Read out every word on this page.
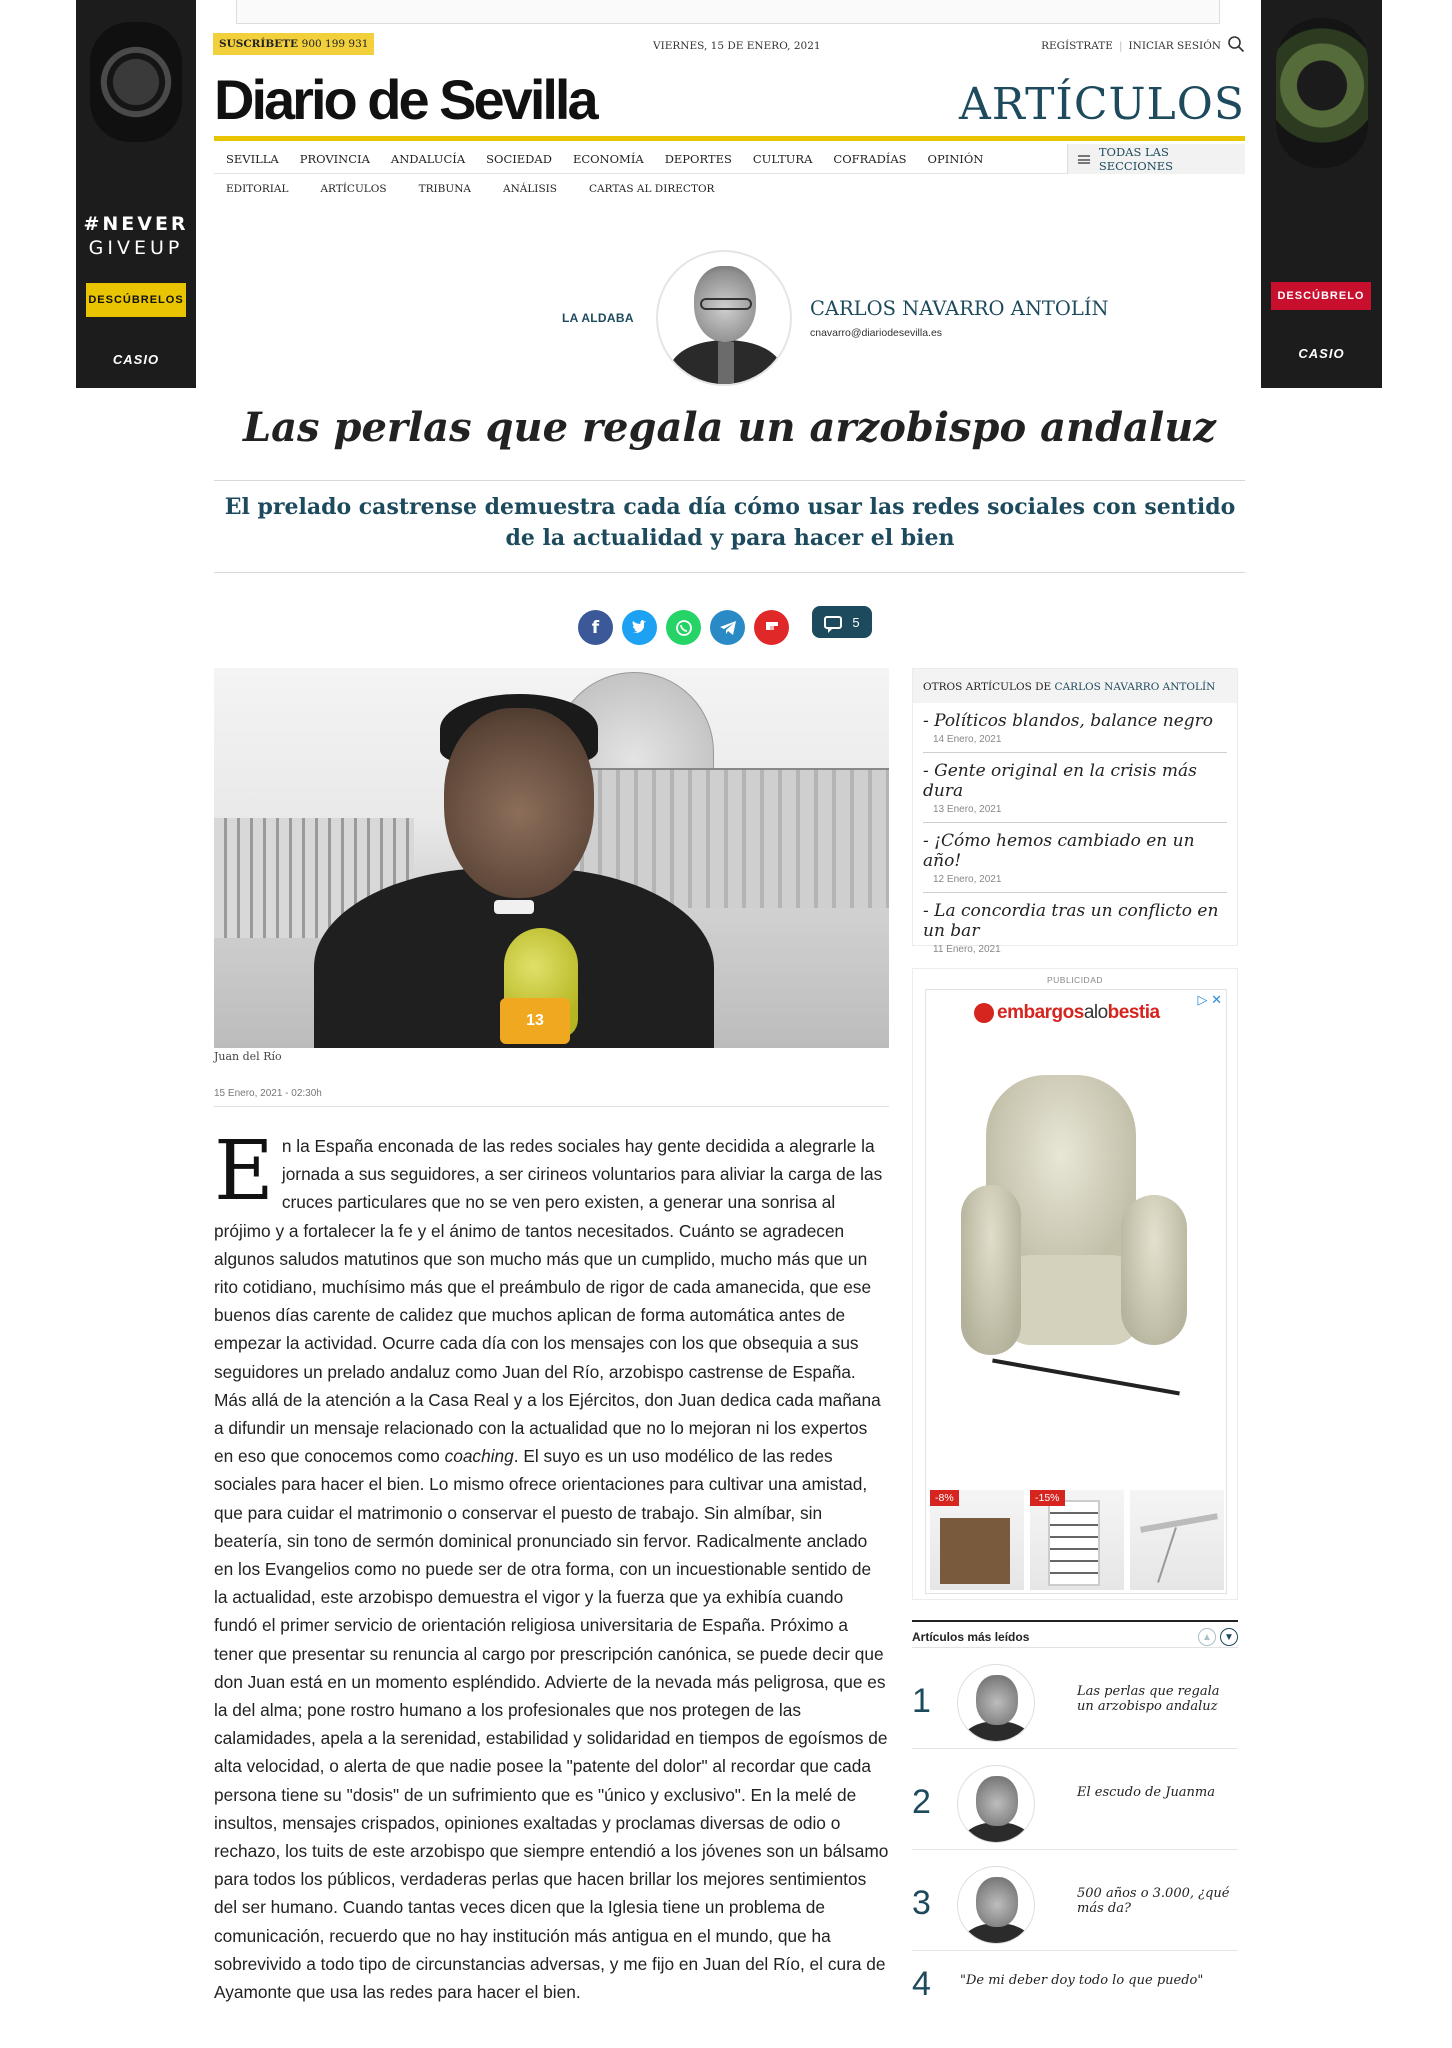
#NEVER
GIVEUP
DESCÚBRELOS
CASIO
DESCÚBRELO
CASIO
SUSCRÍBETE 900 199 931	VIERNES, 15 DE ENERO, 2021	REGÍSTRATE | INICIAR SESIÓN
Diario de Sevilla	ARTÍCULOS
SEVILLA PROVINCIA ANDALUCÍA SOCIEDAD ECONOMÍA DEPORTES CULTURA COFRADÍAS OPINIÓN	TODAS LAS SECCIONES
EDITORIAL	ARTÍCULOS	TRIBUNA	ANÁLISIS	CARTAS AL DIRECTOR
LA ALDABA	CARLOS NAVARRO ANTOLÍN
cnavarro@diariodesevilla.es
Las perlas que regala un arzobispo andaluz
El prelado castrense demuestra cada día cómo usar las redes sociales con sentido de la actualidad y para hacer el bien
f	5
13
Juan del Río
15 Enero, 2021 - 02:30h
En la España enconada de las redes sociales hay gente decidida a alegrarle la jornada a sus seguidores, a ser cirineos voluntarios para aliviar la carga de las cruces particulares que no se ven pero existen, a generar una sonrisa al prójimo y a fortalecer la fe y el ánimo de tantos necesitados. Cuánto se agradecen algunos saludos matutinos que son mucho más que un cumplido, mucho más que un rito cotidiano, muchísimo más que el preámbulo de rigor de cada amanecida, que ese buenos días carente de calidez que muchos aplican de forma automática antes de empezar la actividad. Ocurre cada día con los mensajes con los que obsequia a sus seguidores un prelado andaluz como Juan del Río, arzobispo castrense de España. Más allá de la atención a la Casa Real y a los Ejércitos, don Juan dedica cada mañana a difundir un mensaje relacionado con la actualidad que no lo mejoran ni los expertos en eso que conocemos como coaching. El suyo es un uso modélico de las redes sociales para hacer el bien. Lo mismo ofrece orientaciones para cultivar una amistad, que para cuidar el matrimonio o conservar el puesto de trabajo. Sin almíbar, sin beatería, sin tono de sermón dominical pronunciado sin fervor. Radicalmente anclado en los Evangelios como no puede ser de otra forma, con un incuestionable sentido de la actualidad, este arzobispo demuestra el vigor y la fuerza que ya exhibía cuando fundó el primer servicio de orientación religiosa universitaria de España. Próximo a tener que presentar su renuncia al cargo por prescripción canónica, se puede decir que don Juan está en un momento espléndido. Advierte de la nevada más peligrosa, que es la del alma; pone rostro humano a los profesionales que nos protegen de las calamidades, apela a la serenidad, estabilidad y solidaridad en tiempos de egoísmos de alta velocidad, o alerta de que nadie posee la "patente del dolor" al recordar que cada persona tiene su "dosis" de un sufrimiento que es "único y exclusivo". En la melé de insultos, mensajes crispados, opiniones exaltadas y proclamas diversas de odio o rechazo, los tuits de este arzobispo que siempre entendió a los jóvenes son un bálsamo para todos los públicos, verdaderas perlas que hacen brillar los mejores sentimientos del ser humano. Cuando tantas veces dicen que la Iglesia tiene un problema de comunicación, recuerdo que no hay institución más antigua en el mundo, que ha sobrevivido a todo tipo de circunstancias adversas, y me fijo en Juan del Río, el cura de Ayamonte que usa las redes para hacer el bien.
OTROS ARTÍCULOS DE CARLOS NAVARRO ANTOLÍN
- Políticos blandos, balance negro
14 Enero, 2021
- Gente original en la crisis más dura
13 Enero, 2021
- ¡Cómo hemos cambiado en un año!
12 Enero, 2021
- La concordia tras un conflicto en un bar
11 Enero, 2021
PUBLICIDAD
▷ ✕
embargosalobestia
-8%	-15%
Artículos más leídos	▲	▼
1	Las perlas que regala un arzobispo andaluz
2	El escudo de Juanma
3	500 años o 3.000, ¿qué más da?
4 "De mi deber doy todo lo que puedo"
